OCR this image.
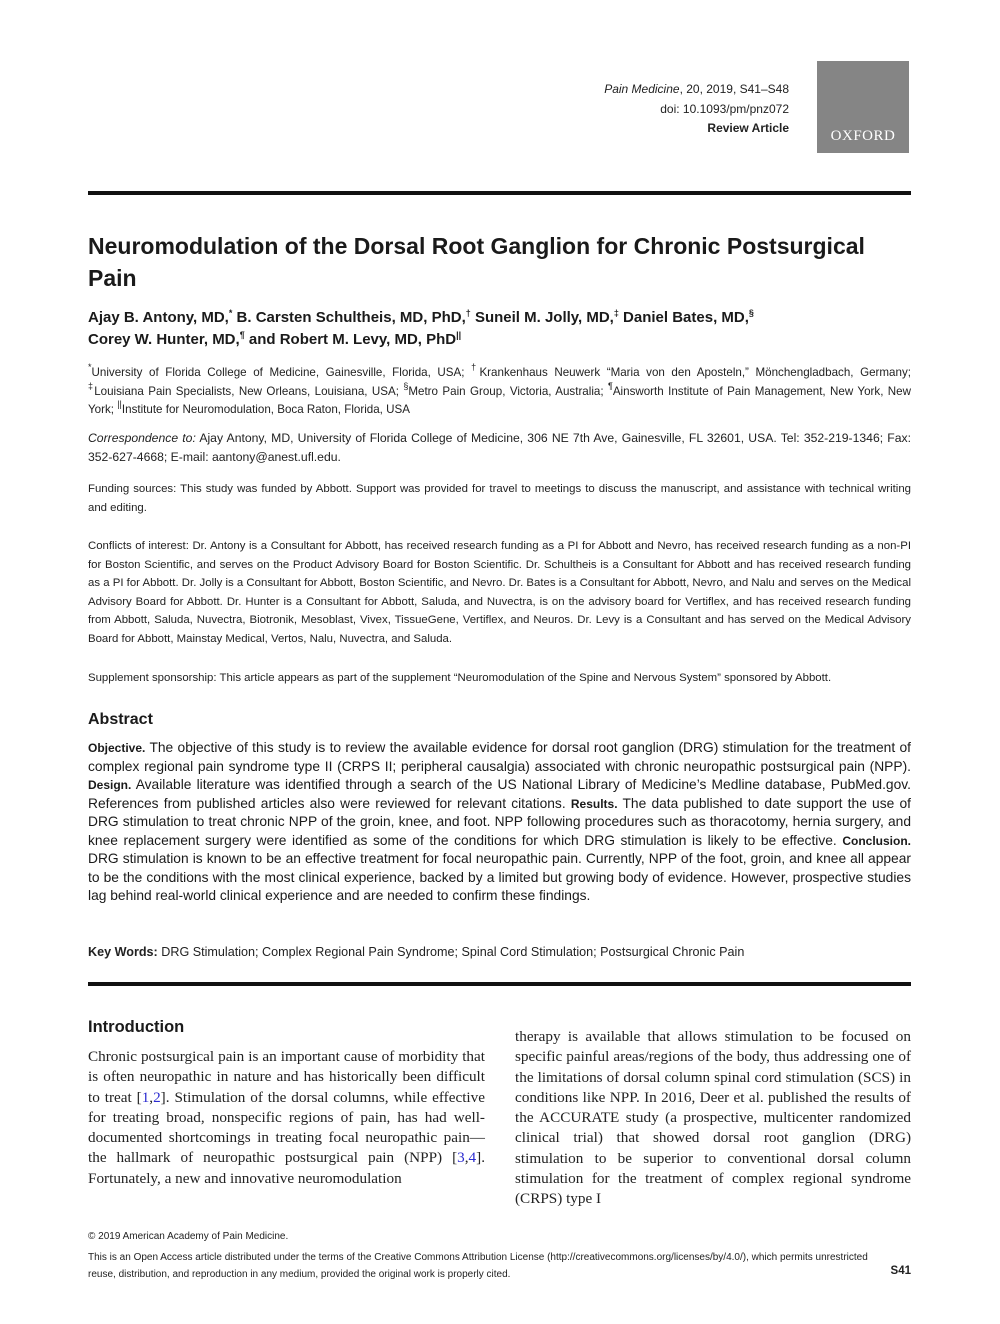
Pain Medicine, 20, 2019, S41–S48
doi: 10.1093/pm/pnz072
Review Article	OXFORD
Neuromodulation of the Dorsal Root Ganglion for Chronic Postsurgical Pain
Ajay B. Antony, MD,* B. Carsten Schultheis, MD, PhD,† Suneil M. Jolly, MD,‡ Daniel Bates, MD,§
Corey W. Hunter, MD,¶ and Robert M. Levy, MD, PhD||
*University of Florida College of Medicine, Gainesville, Florida, USA; †Krankenhaus Neuwerk “Maria von den Aposteln,” Mönchengladbach, Germany; ‡Louisiana Pain Specialists, New Orleans, Louisiana, USA; §Metro Pain Group, Victoria, Australia; ¶Ainsworth Institute of Pain Management, New York, New York; ||Institute for Neuromodulation, Boca Raton, Florida, USA
Correspondence to: Ajay Antony, MD, University of Florida College of Medicine, 306 NE 7th Ave, Gainesville, FL 32601, USA. Tel: 352-219-1346; Fax: 352-627-4668; E-mail: aantony@anest.ufl.edu.
Funding sources: This study was funded by Abbott. Support was provided for travel to meetings to discuss the manuscript, and assistance with technical writing and editing.
Conflicts of interest: Dr. Antony is a Consultant for Abbott, has received research funding as a PI for Abbott and Nevro, has received research funding as a non-PI for Boston Scientific, and serves on the Product Advisory Board for Boston Scientific. Dr. Schultheis is a Consultant for Abbott and has received research funding as a PI for Abbott. Dr. Jolly is a Consultant for Abbott, Boston Scientific, and Nevro. Dr. Bates is a Consultant for Abbott, Nevro, and Nalu and serves on the Medical Advisory Board for Abbott. Dr. Hunter is a Consultant for Abbott, Saluda, and Nuvectra, is on the advisory board for Vertiflex, and has received research funding from Abbott, Saluda, Nuvectra, Biotronik, Mesoblast, Vivex, TissueGene, Vertiflex, and Neuros. Dr. Levy is a Consultant and has served on the Medical Advisory Board for Abbott, Mainstay Medical, Vertos, Nalu, Nuvectra, and Saluda.
Supplement sponsorship: This article appears as part of the supplement “Neuromodulation of the Spine and Nervous System” sponsored by Abbott.
Abstract
Objective. The objective of this study is to review the available evidence for dorsal root ganglion (DRG) stimulation for the treatment of complex regional pain syndrome type II (CRPS II; peripheral causalgia) associated with chronic neuropathic postsurgical pain (NPP). Design. Available literature was identified through a search of the US National Library of Medicine’s Medline database, PubMed.gov. References from published articles also were reviewed for relevant citations. Results. The data published to date support the use of DRG stimulation to treat chronic NPP of the groin, knee, and foot. NPP following procedures such as thoracotomy, hernia surgery, and knee replacement surgery were identified as some of the conditions for which DRG stimulation is likely to be effective. Conclusion. DRG stimulation is known to be an effective treatment for focal neuropathic pain. Currently, NPP of the foot, groin, and knee all appear to be the conditions with the most clinical experience, backed by a limited but growing body of evidence. However, prospective studies lag behind real-world clinical experience and are needed to confirm these findings.
Key Words: DRG Stimulation; Complex Regional Pain Syndrome; Spinal Cord Stimulation; Postsurgical Chronic Pain
Introduction
Chronic postsurgical pain is an important cause of morbidity that is often neuropathic in nature and has historically been difficult to treat [1,2]. Stimulation of the dorsal columns, while effective for treating broad, nonspecific regions of pain, has had well-documented shortcomings in treating focal neuropathic pain—the hallmark of neuropathic postsurgical pain (NPP) [3,4]. Fortunately, a new and innovative neuromodulation
therapy is available that allows stimulation to be focused on specific painful areas/regions of the body, thus addressing one of the limitations of dorsal column spinal cord stimulation (SCS) in conditions like NPP. In 2016, Deer et al. published the results of the ACCURATE study (a prospective, multicenter randomized clinical trial) that showed dorsal root ganglion (DRG) stimulation to be superior to conventional dorsal column stimulation for the treatment of complex regional syndrome (CRPS) type I
© 2019 American Academy of Pain Medicine.
This is an Open Access article distributed under the terms of the Creative Commons Attribution License (http://creativecommons.org/licenses/by/4.0/), which permits unrestricted reuse, distribution, and reproduction in any medium, provided the original work is properly cited.	S41
